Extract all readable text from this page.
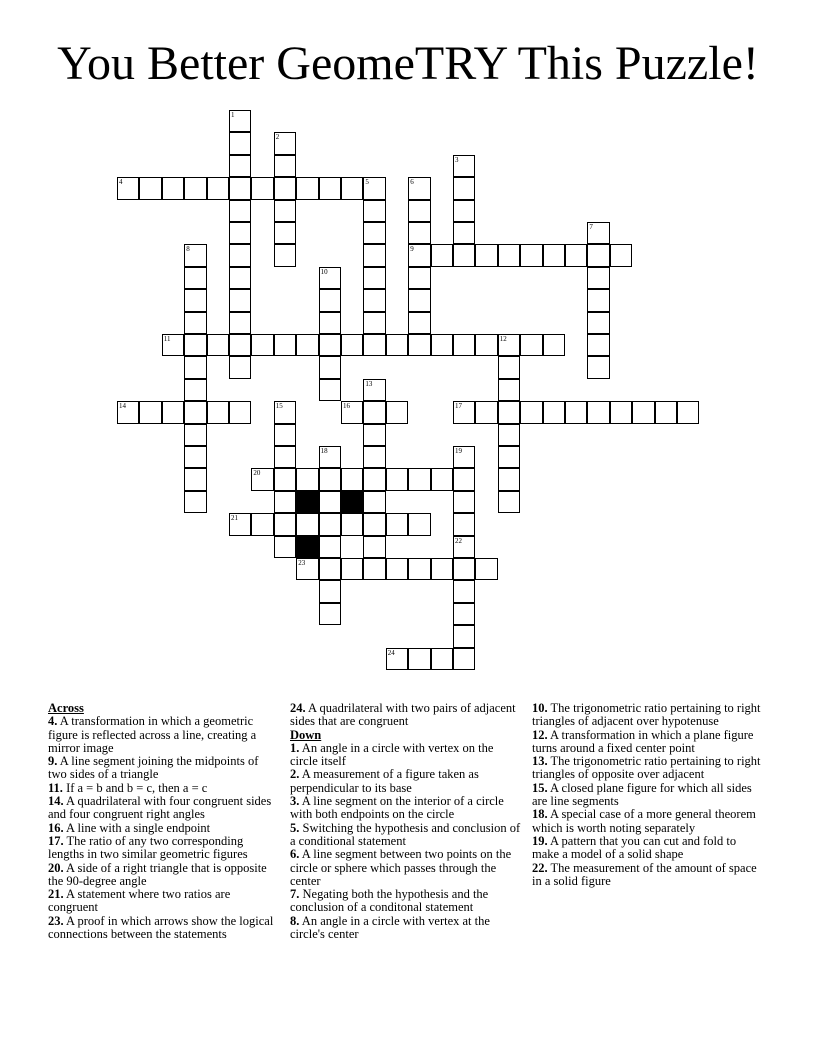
You Better GeomeTRY This Puzzle!
4
9
11	12
14	16	17
20
21
23
24
1
2
3
5	6
7
8
10
13
15
18	19
22
Across
4. A transformation in which a geometric figure is reflected across a line, creating a mirror image
9. A line segment joining the midpoints of two sides of a triangle
11. If a = b and b = c, then a = c
14. A quadrilateral with four congruent sides and four congruent right angles
16. A line with a single endpoint
17. The ratio of any two corresponding lengths in two similar geometric figures
20. A side of a right triangle that is opposite the 90-degree angle
21. A statement where two ratios are congruent
23. A proof in which arrows show the logical connections between the statements
24. A quadrilateral with two pairs of adjacent sides that are congruent
Down
1. An angle in a circle with vertex on the circle itself
2. A measurement of a figure taken as perpendicular to its base
3. A line segment on the interior of a circle with both endpoints on the circle
5. Switching the hypothesis and conclusion of a conditional statement
6. A line segment between two points on the circle or sphere which passes through the center
7. Negating both the hypothesis and the conclusion of a conditonal statement
8. An angle in a circle with vertex at the circle's center
10. The trigonometric ratio pertaining to right triangles of adjacent over hypotenuse
12. A transformation in which a plane figure turns around a fixed center point
13. The trigonometric ratio pertaining to right triangles of opposite over adjacent
15. A closed plane figure for which all sides are line segments
18. A special case of a more general theorem which is worth noting separately
19. A pattern that you can cut and fold to make a model of a solid shape
22. The measurement of the amount of space in a solid figure
